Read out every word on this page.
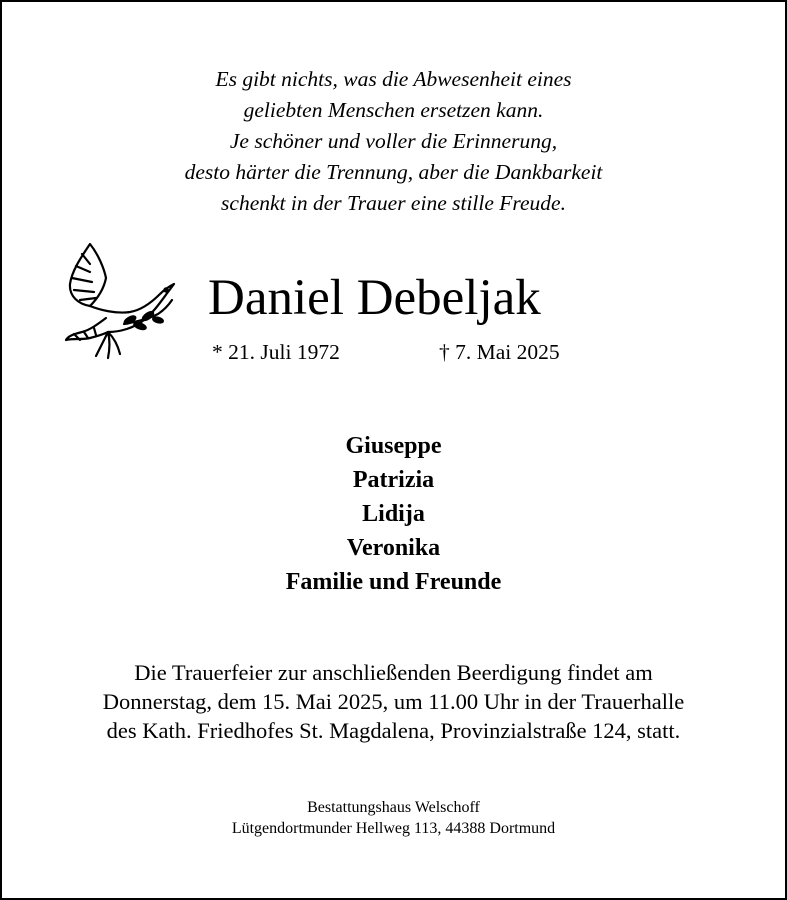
Es gibt nichts, was die Abwesenheit eines
geliebten Menschen ersetzen kann.
Je schöner und voller die Erinnerung,
desto härter die Trennung, aber die Dankbarkeit
schenkt in der Trauer eine stille Freude.
Daniel Debeljak
* 21. Juli 1972	† 7. Mai 2025
Giuseppe
Patrizia
Lidija
Veronika
Familie und Freunde
Die Trauerfeier zur anschließenden Beerdigung findet am
Donnerstag, dem 15. Mai 2025, um 11.00 Uhr in der Trauerhalle
des Kath. Friedhofes St. Magdalena, Provinzialstraße 124, statt.
Bestattungshaus Welschoff
Lütgendortmunder Hellweg 113, 44388 Dortmund
